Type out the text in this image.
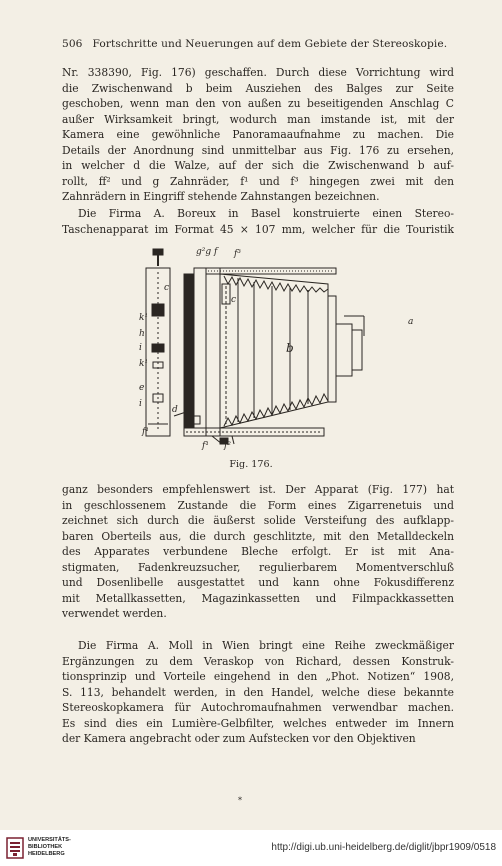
506 Fortschritte und Neuerungen auf dem Gebiete der Stereoskopie.
Nr. 338390, Fig. 176) geschaffen. Durch diese Vorrichtung wird
die Zwischenwand b beim Ausziehen des Balges zur Seite
geschoben, wenn man den von außen zu beseitigenden Anschlag C
außer Wirksamkeit bringt, wodurch man imstande ist, mit der
Kamera eine gewöhnliche Panoramaaufnahme zu machen. Die
Details der Anordnung sind unmittelbar aus Fig. 176 zu ersehen,
in welcher d die Walze, auf der sich die Zwischenwand b auf-
rollt, ff² und g Zahnräder, f¹ und f³ hingegen zwei mit den
Zahnrädern in Eingriff stehende Zahnstangen bezeichnen.
Die Firma A. Boreux in Basel konstruierte einen Stereo-
Taschenapparat im Format 45 × 107 mm, welcher für die Touristik
g²g f f³
c
c
b
a
k¹
h
i
k¹
e
i
d
f¹
f¹ f²
Fig. 176.
ganz besonders empfehlenswert ist. Der Apparat (Fig. 177) hat
in geschlossenem Zustande die Form eines Zigarrenetuis und
zeichnet sich durch die äußerst solide Versteifung des aufklapp-
baren Oberteils aus, die durch geschlitzte, mit den Metalldeckeln
des Apparates verbundene Bleche erfolgt. Er ist mit Ana-
stigmaten, Fadenkreuzsucher, regulierbarem Momentverschluß
und Dosenlibelle ausgestattet und kann ohne Fokusdifferenz
mit Metallkassetten, Magazinkassetten und Filmpackkassetten
verwendet werden.
Die Firma A. Moll in Wien bringt eine Reihe zweckmäßiger
Ergänzungen zu dem Veraskop von Richard, dessen Konstruk-
tionsprinzip und Vorteile eingehend in den „Phot. Notizen“ 1908,
S. 113, behandelt werden, in den Handel, welche diese bekannte
Stereoskopkamera für Autochromaufnahmen verwendbar machen.
Es sind dies ein Lumière-Gelbfilter, welches entweder im Innern
der Kamera angebracht oder zum Aufstecken vor den Objektiven
*
UNIVERSITÄTS-
BIBLIOTHEK
HEIDELBERG
http://digi.ub.uni-heidelberg.de/diglit/jbpr1909/0518
